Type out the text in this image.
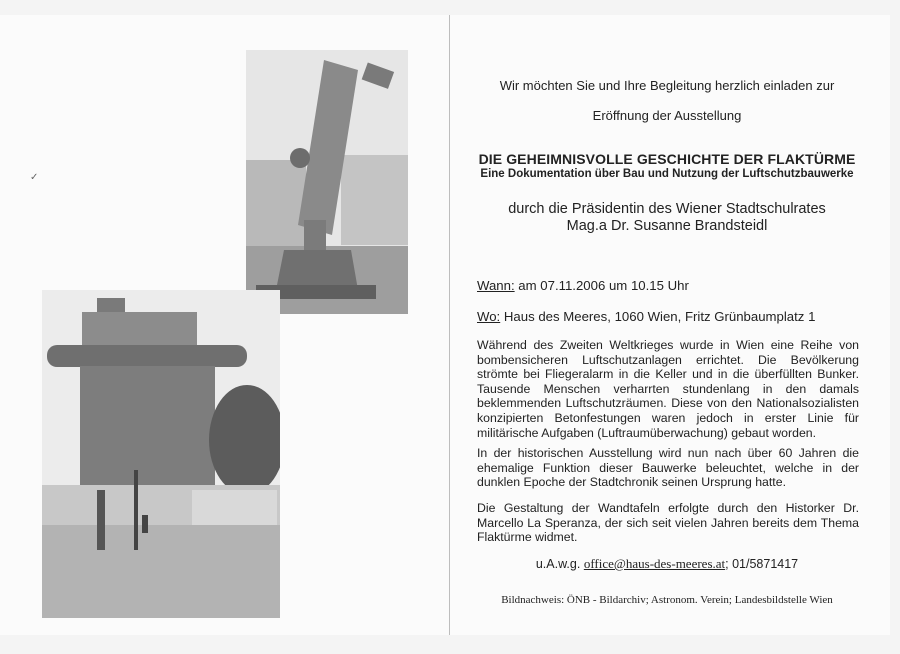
✓
Wir möchten Sie und Ihre Begleitung herzlich einladen zur
Eröffnung der Ausstellung
DIE GEHEIMNISVOLLE GESCHICHTE DER FLAKTÜRME
Eine Dokumentation über Bau und Nutzung der Luftschutzbauwerke
durch die Präsidentin des Wiener Stadtschulrates
Mag.a Dr. Susanne Brandsteidl
Wann: am 07.11.2006 um 10.15 Uhr
Wo: Haus des Meeres, 1060 Wien, Fritz Grünbaumplatz 1
Während des Zweiten Weltkrieges wurde in Wien eine Reihe von bombensicheren Luftschutzanlagen errichtet. Die Bevölkerung strömte bei Fliegeralarm in die Keller und in die überfüllten Bunker. Tausende Menschen verharrten stundenlang in den damals beklemmenden Luftschutzräumen. Diese von den Nationalsozialisten konzipierten Betonfestungen waren jedoch in erster Linie für militärische Aufgaben (Luftraumüberwachung) gebaut worden.
In der historischen Ausstellung wird nun nach über 60 Jahren die ehemalige Funktion dieser Bauwerke beleuchtet, welche in der dunklen Epoche der Stadtchronik seinen Ursprung hatte.
Die Gestaltung der Wandtafeln erfolgte durch den Historker Dr. Marcello La Speranza, der sich seit vielen Jahren bereits dem Thema Flaktürme widmet.
u.A.w.g. office@haus-des-meeres.at; 01/5871417
Bildnachweis: ÖNB - Bildarchiv; Astronom. Verein; Landesbildstelle Wien
